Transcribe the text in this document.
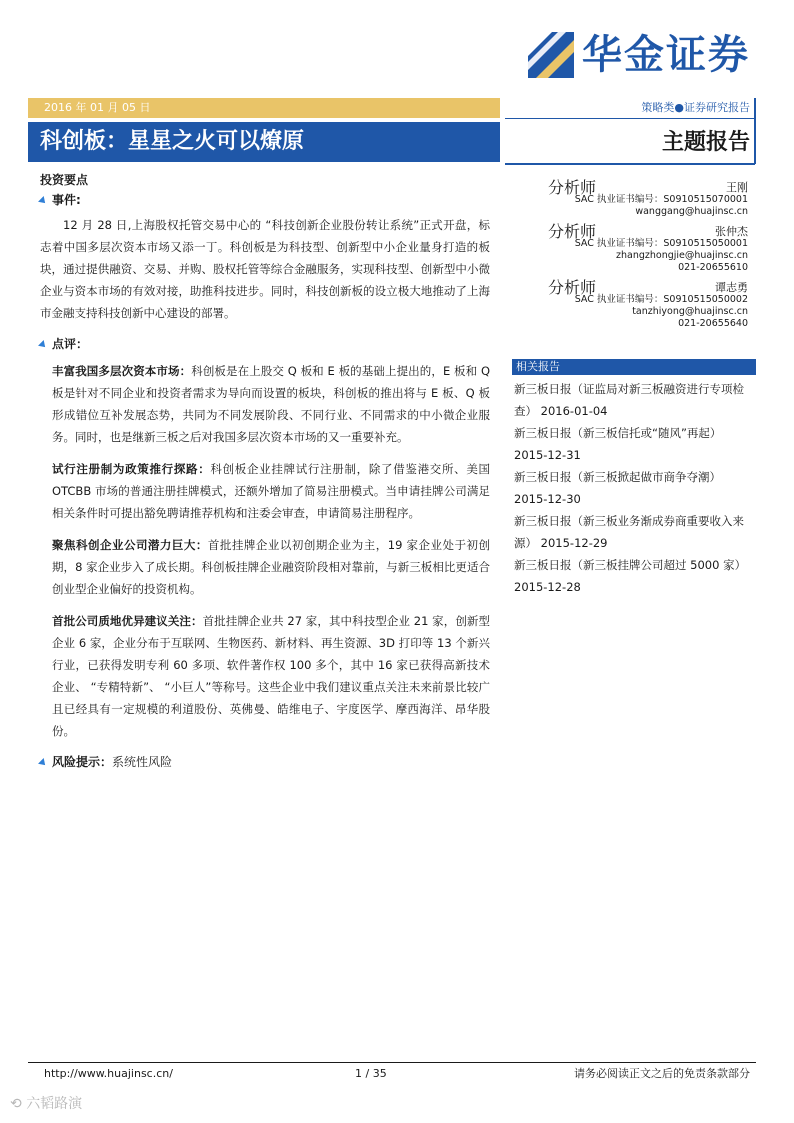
华金证券
2016 年 01 月 05 日	策略类●证券研究报告
科创板：星星之火可以燎原	主题报告
投资要点
事件:
12 月 28 日,上海股权托管交易中心的 “科技创新企业股份转让系统”正式开盘，标志着中国多层次资本市场又添一丁。科创板是为科技型、创新型中小企业量身打造的板块，通过提供融资、交易、并购、股权托管等综合金融服务，实现科技型、创新型中小微企业与资本市场的有效对接，助推科技进步。同时，科技创新板的设立极大地推动了上海市金融支持科技创新中心建设的部署。
点评：
丰富我国多层次资本市场：科创板是在上股交 Q 板和 E 板的基础上提出的，E 板和 Q 板是针对不同企业和投资者需求为导向而设置的板块，科创板的推出将与 E 板、Q 板形成错位互补发展态势，共同为不同发展阶段、不同行业、不同需求的中小微企业服务。同时，也是继新三板之后对我国多层次资本市场的又一重要补充。
试行注册制为政策推行探路：科创板企业挂牌试行注册制，除了借鉴港交所、美国 OTCBB 市场的普通注册挂牌模式，还额外增加了简易注册模式。当申请挂牌公司满足相关条件时可提出豁免聘请推荐机构和注委会审查，申请简易注册程序。
聚焦科创企业公司潜力巨大：首批挂牌企业以初创期企业为主，19 家企业处于初创期，8 家企业步入了成长期。科创板挂牌企业融资阶段相对靠前，与新三板相比更适合创业型企业偏好的投资机构。
首批公司质地优异建议关注：首批挂牌企业共 27 家，其中科技型企业 21 家，创新型企业 6 家，企业分布于互联网、生物医药、新材料、再生资源、3D 打印等 13 个新兴行业，已获得发明专利 60 多项、软件著作权 100 多个，其中 16 家已获得高新技术企业、 “专精特新”、 “小巨人”等称号。这些企业中我们建议重点关注未来前景比较广且已经具有一定规模的利道股份、英佛曼、皓维电子、宇度医学、摩西海洋、昂华股份。
风险提示：系统性风险
分析师	王刚
SAC 执业证书编号：S0910515070001
wanggang@huajinsc.cn
分析师	张仲杰
SAC 执业证书编号：S0910515050001
zhangzhongjie@huajinsc.cn
021-20655610
分析师	谭志勇
SAC 执业证书编号：S0910515050002
tanzhiyong@huajinsc.cn
021-20655640
相关报告
新三板日报（证监局对新三板融资进行专项检查） 2016-01-04
新三板日报（新三板信托或“随风”再起） 2015-12-31
新三板日报（新三板掀起做市商争夺潮） 2015-12-30
新三板日报（新三板业务渐成券商重要收入来源） 2015-12-29
新三板日报（新三板挂牌公司超过 5000 家） 2015-12-28
http://www.huajinsc.cn/	1 / 35	请务必阅读正文之后的免责条款部分
⟲ 六韬路演
